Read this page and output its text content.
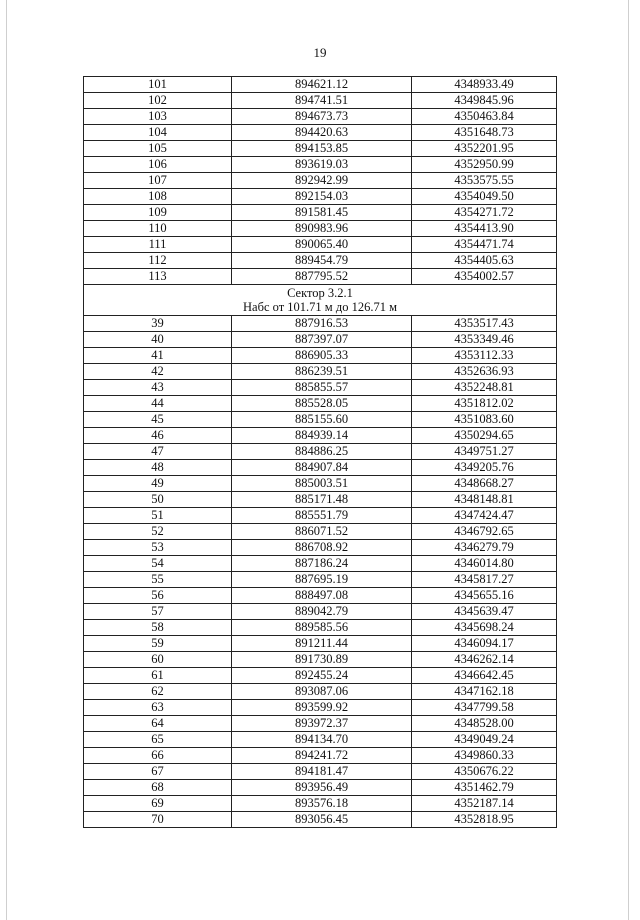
19
101	894621.12	4348933.49
102	894741.51	4349845.96
103	894673.73	4350463.84
104	894420.63	4351648.73
105	894153.85	4352201.95
106	893619.03	4352950.99
107	892942.99	4353575.55
108	892154.03	4354049.50
109	891581.45	4354271.72
110	890983.96	4354413.90
111	890065.40	4354471.74
112	889454.79	4354405.63
113	887795.52	4354002.57

Сектор 3.2.1
Набс от 101.71 м до 126.71 м		

39	887916.53	4353517.43
40	887397.07	4353349.46
41	886905.33	4353112.33
42	886239.51	4352636.93
43	885855.57	4352248.81
44	885528.05	4351812.02
45	885155.60	4351083.60
46	884939.14	4350294.65
47	884886.25	4349751.27
48	884907.84	4349205.76
49	885003.51	4348668.27
50	885171.48	4348148.81
51	885551.79	4347424.47
52	886071.52	4346792.65
53	886708.92	4346279.79
54	887186.24	4346014.80
55	887695.19	4345817.27
56	888497.08	4345655.16
57	889042.79	4345639.47
58	889585.56	4345698.24
59	891211.44	4346094.17
60	891730.89	4346262.14
61	892455.24	4346642.45
62	893087.06	4347162.18
63	893599.92	4347799.58
64	893972.37	4348528.00
65	894134.70	4349049.24
66	894241.72	4349860.33
67	894181.47	4350676.22
68	893956.49	4351462.79
69	893576.18	4352187.14
70	893056.45	4352818.95
